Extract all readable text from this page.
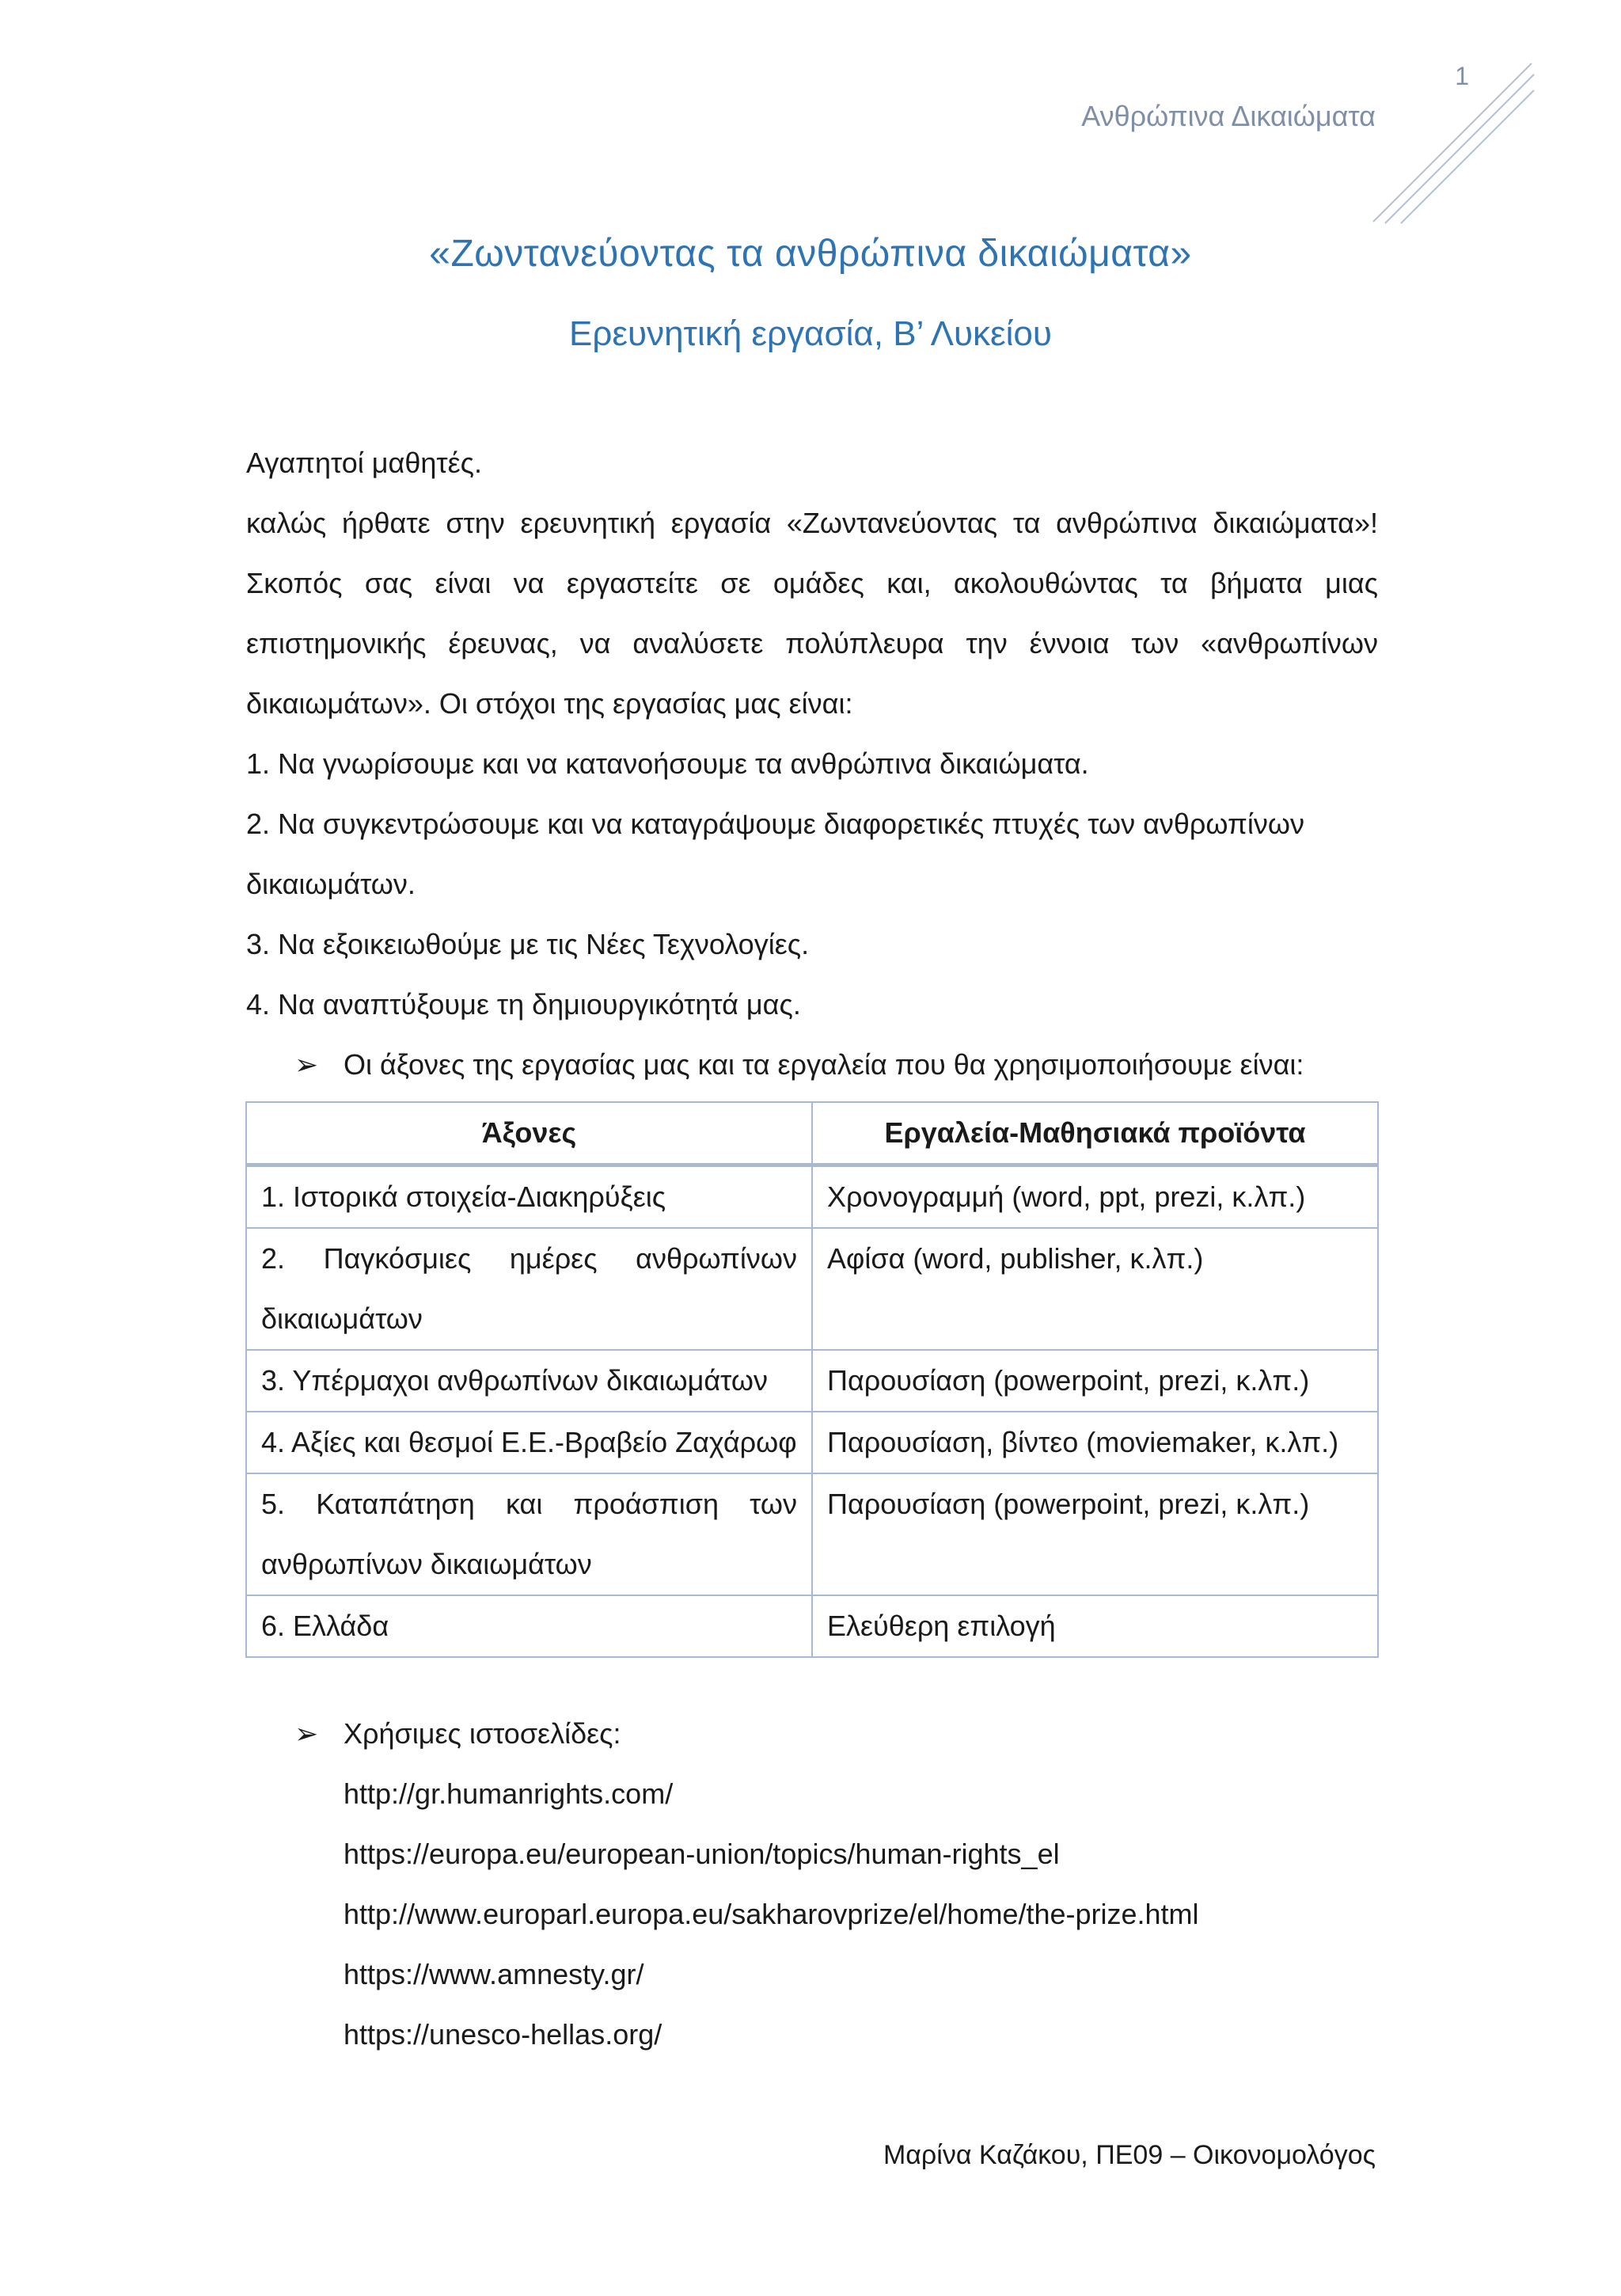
1
Ανθρώπινα Δικαιώματα
«Ζωντανεύοντας τα ανθρώπινα δικαιώματα»
Ερευνητική εργασία, Β’ Λυκείου
Αγαπητοί μαθητές.
καλώς ήρθατε στην ερευνητική εργασία «Ζωντανεύοντας τα ανθρώπινα δικαιώματα»! Σκοπός σας είναι να εργαστείτε σε ομάδες και, ακολουθώντας τα βήματα μιας επιστημονικής έρευνας, να αναλύσετε πολύπλευρα την έννοια των «ανθρωπίνων δικαιωμάτων». Οι στόχοι της εργασίας μας είναι:
1. Να γνωρίσουμε και να κατανοήσουμε τα ανθρώπινα δικαιώματα.
2. Να συγκεντρώσουμε και να καταγράψουμε διαφορετικές πτυχές των ανθρωπίνων δικαιωμάτων.
3. Να εξοικειωθούμε με τις Νέες Τεχνολογίες.
4. Να αναπτύξουμε τη δημιουργικότητά μας.
➢ Οι άξονες της εργασίας μας και τα εργαλεία που θα χρησιμοποιήσουμε είναι:
Άξονες	Εργαλεία-Μαθησιακά προϊόντα
1. Ιστορικά στοιχεία-Διακηρύξεις	Χρονογραμμή (word, ppt, prezi, κ.λπ.)
2. Παγκόσμιες ημέρες ανθρωπίνων δικαιωμάτων	Αφίσα (word, publisher, κ.λπ.)
3. Υπέρμαχοι ανθρωπίνων δικαιωμάτων	Παρουσίαση (powerpoint, prezi, κ.λπ.)
4. Αξίες και θεσμοί Ε.Ε.-Βραβείο Ζαχάρωφ	Παρουσίαση, βίντεο (moviemaker, κ.λπ.)
5. Καταπάτηση και προάσπιση των ανθρωπίνων δικαιωμάτων	Παρουσίαση (powerpoint, prezi, κ.λπ.)
6. Ελλάδα	Ελεύθερη επιλογή
➢ Χρήσιμες ιστοσελίδες:
http://gr.humanrights.com/
https://europa.eu/european-union/topics/human-rights_el
http://www.europarl.europa.eu/sakharovprize/el/home/the-prize.html
https://www.amnesty.gr/
https://unesco-hellas.org/
Μαρίνα Καζάκου, ΠΕ09 – Οικονομολόγος
